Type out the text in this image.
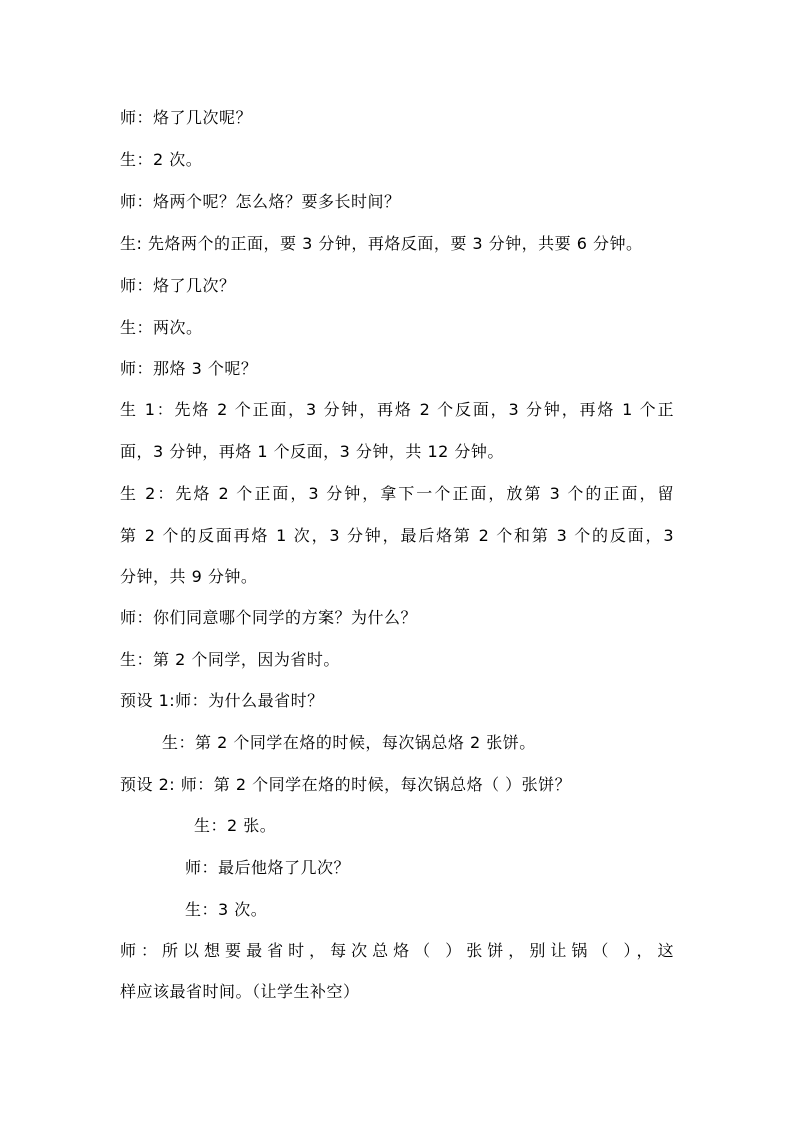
师：烙了几次呢？
生：2 次。
师：烙两个呢？怎么烙？要多长时间？
生: 先烙两个的正面，要 3 分钟，再烙反面，要 3 分钟，共要 6 分钟。
师：烙了几次？
生：两次。
师：那烙 3 个呢？
生 1：先烙 2 个正面，3 分钟，再烙 2 个反面，3 分钟，再烙 1 个正
面，3 分钟，再烙 1 个反面，3 分钟，共 12 分钟。
生 2：先烙 2 个正面，3 分钟，拿下一个正面，放第 3 个的正面，留
第 2 个的反面再烙 1 次，3 分钟，最后烙第 2 个和第 3 个的反面，3
分钟，共 9 分钟。
师：你们同意哪个同学的方案？为什么？
生：第 2 个同学，因为省时。
预设 1:师：为什么最省时？
生：第 2 个同学在烙的时候，每次锅总烙 2 张饼。
预设 2: 师：第 2 个同学在烙的时候，每次锅总烙（ ）张饼？
生：2 张。
师：最后他烙了几次？
生：3 次。
师：所以想要最省时，每次总烙（ ）张饼，别让锅（ ），这
样应该最省时间。（让学生补空）
